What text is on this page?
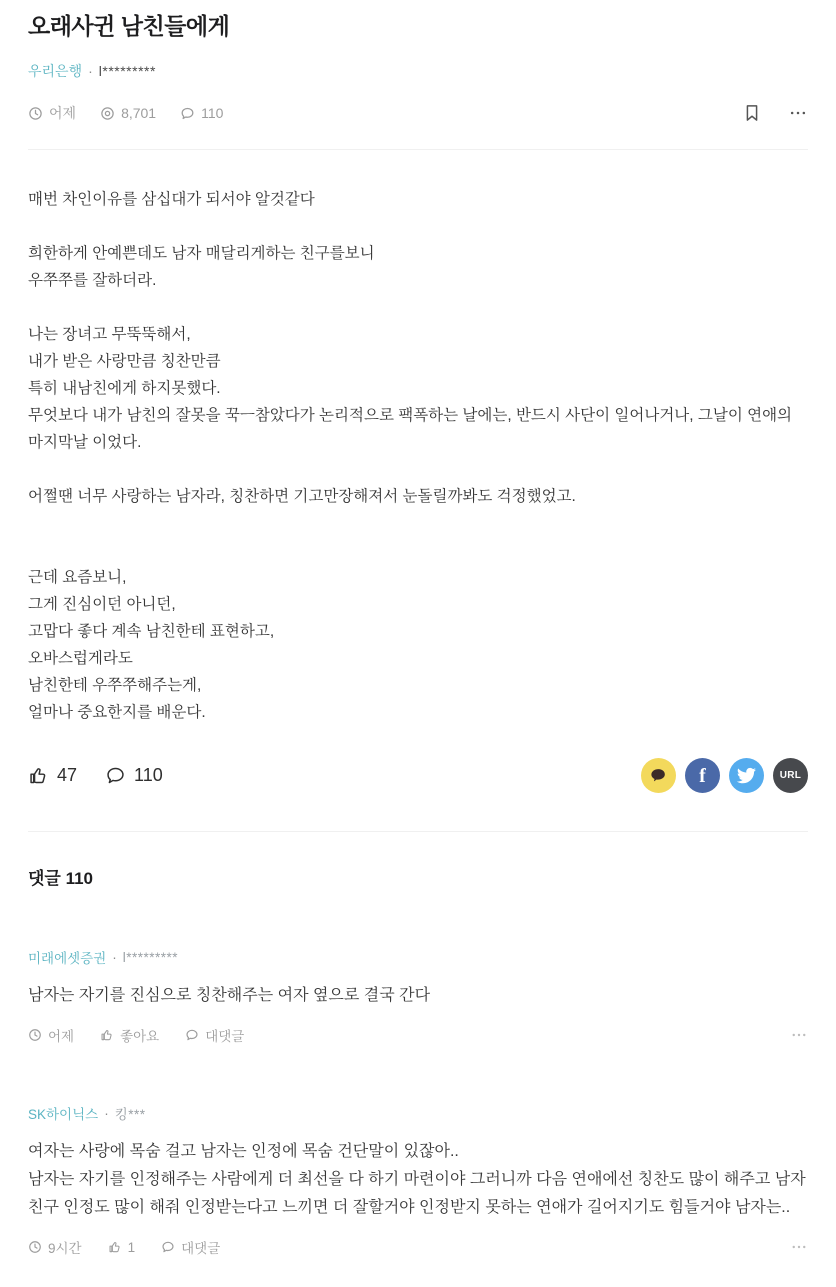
오래사귄 남친들에게
우리은행 · l*********
어제	8,701	110
매번 차인이유를 삼십대가 되서야 알것같다
희한하게 안예쁜데도 남자 매달리게하는 친구를보니
우쭈쭈를 잘하더라.
나는 장녀고 무뚝뚝해서,
내가 받은 사랑만큼 칭찬만큼
특히 내남친에게 하지못했다.
무엇보다 내가 남친의 잘못을 꾹ㅡ참았다가 논리적으로 팩폭하는 날에는, 반드시 사단이 일어나거나, 그날이 연애의 마지막날 이었다.
어쩔땐 너무 사랑하는 남자라, 칭찬하면 기고만장해져서 눈돌릴까봐도 걱정했었고.
근데 요즘보니,
그게 진심이던 아니던,
고맙다 좋다 계속 남친한테 표현하고,
오바스럽게라도
남친한테 우쭈쭈해주는게,
얼마나 중요한지를 배운다.
47	110	f	URL
댓글 110
미래에셋증권 · l*********
남자는 자기를 진심으로 칭찬해주는 여자 옆으로 결국 간다
어제	좋아요	대댓글
SK하이닉스 · 킹***
여자는 사랑에 목숨 걸고 남자는 인정에 목숨 건단말이 있잖아..
남자는 자기를 인정해주는 사람에게 더 최선을 다 하기 마련이야 그러니까 다음 연애에선 칭찬도 많이 해주고 남자친구 인정도 많이 해줘 인정받는다고 느끼면 더 잘할거야 인정받지 못하는 연애가 길어지기도 힘들거야 남자는..
9시간	1	대댓글
